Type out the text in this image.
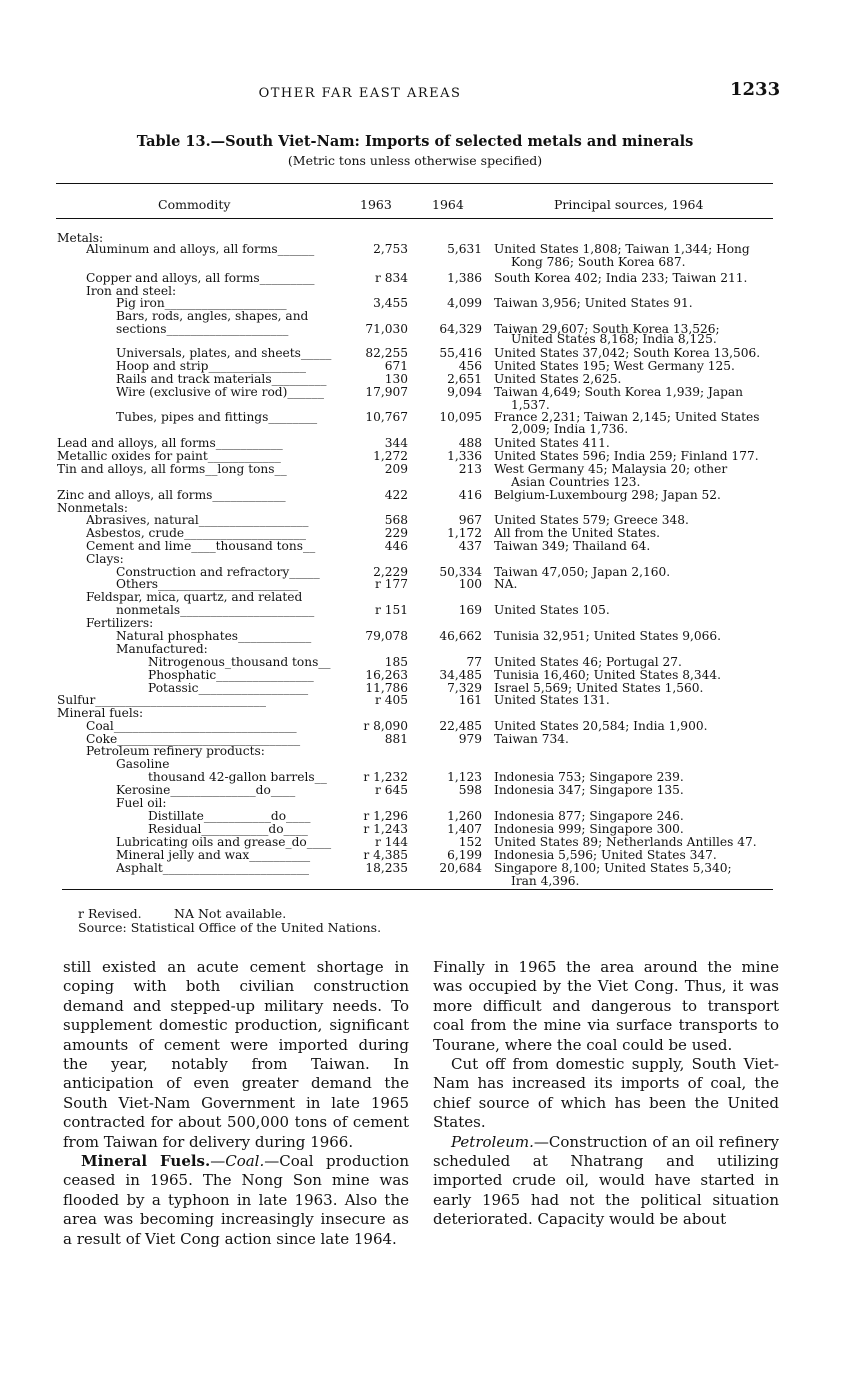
OTHER FAR EAST AREAS	1233
Table 13.—South Viet-Nam: Imports of selected metals and minerals
(Metric tons unless otherwise specified)
Commodity	1963	1964	Principal sources, 1964
Metals:
Aluminum and alloys, all forms______	2,753	5,631 United States 1,808; Taiwan 1,344; Hong
Kong 786; South Korea 687.
Copper and alloys, all forms_________	r 834	1,386 South Korea 402; India 233; Taiwan 211.
Iron and steel:
Pig iron____________________	3,455	4,099 Taiwan 3,956; United States 91.
Bars, rods, angles, shapes, and
sections____________________	71,030	64,329 Taiwan 29,607; South Korea 13,526;
United States 8,168; India 8,125.
Universals, plates, and sheets_____	82,255	55,416 United States 37,042; South Korea 13,506.
Hoop and strip________________	671	456 United States 195; West Germany 125.
Rails and track materials_________	130	2,651 United States 2,625.
Wire (exclusive of wire rod)______	17,907	9,094 Taiwan 4,649; South Korea 1,939; Japan
1,537.
Tubes, pipes and fittings________	10,767	10,095 France 2,231; Taiwan 2,145; United States
2,009; India 1,736.
Lead and alloys, all forms___________	344	488 United States 411.
Metallic oxides for paint____________	1,272	1,336 United States 596; India 259; Finland 177.
Tin and alloys, all forms__long tons__	209	213 West Germany 45; Malaysia 20; other
Asian Countries 123.
Zinc and alloys, all forms____________	422	416 Belgium-Luxembourg 298; Japan 52.
Nonmetals:
Abrasives, natural__________________	568	967 United States 579; Greece 348.
Asbestos, crude____________________	229	1,172 All from the United States.
Cement and lime____thousand tons__	446	437 Taiwan 349; Thailand 64.
Clays:
Construction and refractory_____	2,229	50,334 Taiwan 47,050; Japan 2,160.
Others_______________________	r 177	100 NA.
Feldspar, mica, quartz, and related
nonmetals______________________	r 151	169 United States 105.
Fertilizers:
Natural phosphates____________	79,078	46,662 Tunisia 32,951; United States 9,066.
Manufactured:
Nitrogenous_thousand tons__	185	77 United States 46; Portugal 27.
Phosphatic________________	16,263	34,485 Tunisia 16,460; United States 8,344.
Potassic__________________	11,786	7,329 Israel 5,569; United States 1,560.
Sulfur____________________________	r 405	161 United States 131.
Mineral fuels:
Coal______________________________	r 8,090	22,485 United States 20,584; India 1,900.
Coke______________________________	881	979 Taiwan 734.
Petroleum refinery products:
Gasoline
thousand 42-gallon barrels__	r 1,232	1,123 Indonesia 753; Singapore 239.
Kerosine______________do____	r 645	598 Indonesia 347; Singapore 135.
Fuel oil:
Distillate___________do____	r 1,296	1,260 Indonesia 877; Singapore 246.
Residual___________do____	r 1,243	1,407 Indonesia 999; Singapore 300.
Lubricating oils and grease_do____	r 144	152 United States 89; Netherlands Antilles 47.
Mineral jelly and wax__________	r 4,385	6,199 Indonesia 5,596; United States 347.
Asphalt________________________	18,235	20,684 Singapore 8,100; United States 5,340;
Iran 4,396.
r Revised.	NA Not available.
Source: Statistical Office of the United Nations.

still existed an acute cement shortage in coping with both civilian construction demand and stepped-up military needs. To supplement domestic production, significant amounts of cement were imported during the year, notably from Taiwan. In anticipation of even greater demand the South Viet-Nam Government in late 1965 contracted for about 500,000 tons of cement from Taiwan for delivery during 1966.

Mineral Fuels.—Coal.—Coal production ceased in 1965. The Nong Son mine was flooded by a typhoon in late 1963. Also the area was becoming increasingly insecure as a result of Viet Cong action since late 1964.

Finally in 1965 the area around the mine was occupied by the Viet Cong. Thus, it was more difficult and dangerous to transport coal from the mine via surface transports to Tourane, where the coal could be used.

Cut off from domestic supply, South Viet-Nam has increased its imports of coal, the chief source of which has been the United States.

Petroleum.—Construction of an oil refinery scheduled at Nhatrang and utilizing imported crude oil, would have started in early 1965 had not the political situation deteriorated. Capacity would be about
